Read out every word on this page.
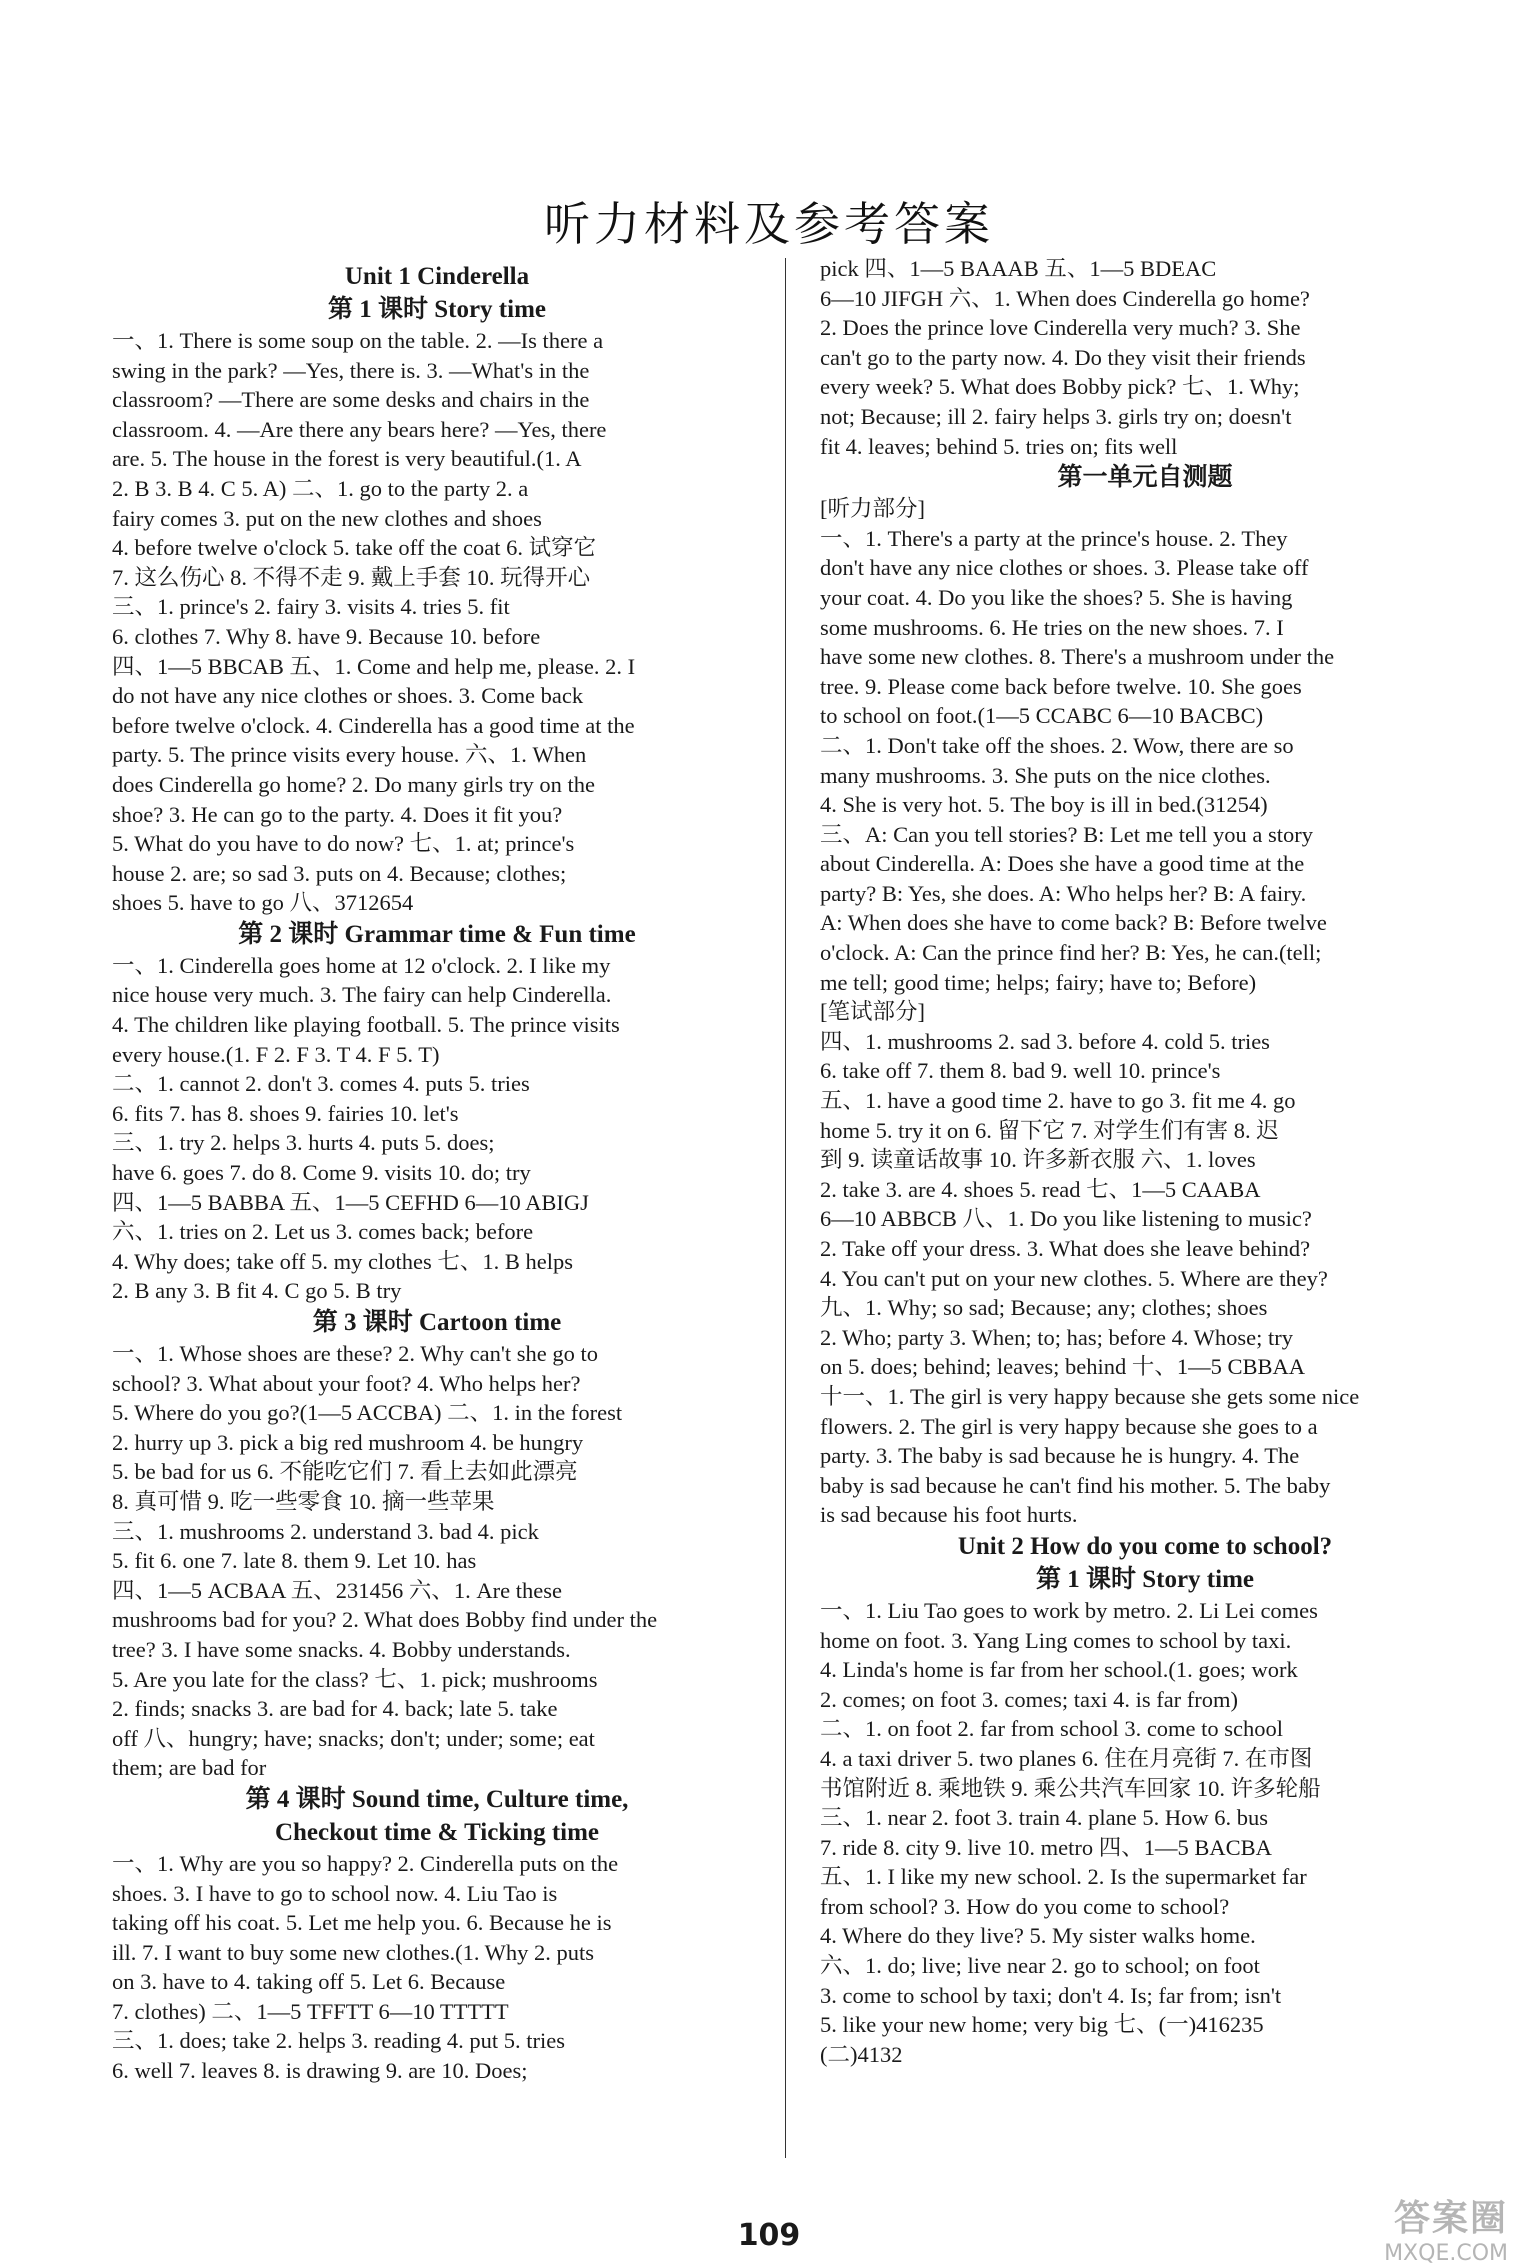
听力材料及参考答案
Unit 1 Cinderella
第 1 课时 Story time
一、1. There is some soup on the table. 2. —Is there a
swing in the park? —Yes, there is. 3. —What's in the
classroom? —There are some desks and chairs in the
classroom. 4. —Are there any bears here? —Yes, there
are. 5. The house in the forest is very beautiful.(1. A
2. B 3. B 4. C 5. A) 二、1. go to the party 2. a
fairy comes 3. put on the new clothes and shoes
4. before twelve o'clock 5. take off the coat 6. 试穿它
7. 这么伤心 8. 不得不走 9. 戴上手套 10. 玩得开心
三、1. prince's 2. fairy 3. visits 4. tries 5. fit
6. clothes 7. Why 8. have 9. Because 10. before
四、1—5 BBCAB 五、1. Come and help me, please. 2. I
do not have any nice clothes or shoes. 3. Come back
before twelve o'clock. 4. Cinderella has a good time at the
party. 5. The prince visits every house. 六、1. When
does Cinderella go home? 2. Do many girls try on the
shoe? 3. He can go to the party. 4. Does it fit you?
5. What do you have to do now? 七、1. at; prince's
house 2. are; so sad 3. puts on 4. Because; clothes;
shoes 5. have to go 八、3712654
第 2 课时 Grammar time & Fun time
一、1. Cinderella goes home at 12 o'clock. 2. I like my
nice house very much. 3. The fairy can help Cinderella.
4. The children like playing football. 5. The prince visits
every house.(1. F 2. F 3. T 4. F 5. T)
二、1. cannot 2. don't 3. comes 4. puts 5. tries
6. fits 7. has 8. shoes 9. fairies 10. let's
三、1. try 2. helps 3. hurts 4. puts 5. does;
have 6. goes 7. do 8. Come 9. visits 10. do; try
四、1—5 BABBA 五、1—5 CEFHD 6—10 ABIGJ
六、1. tries on 2. Let us 3. comes back; before
4. Why does; take off 5. my clothes 七、1. B helps
2. B any 3. B fit 4. C go 5. B try
第 3 课时 Cartoon time
一、1. Whose shoes are these? 2. Why can't she go to
school? 3. What about your foot? 4. Who helps her?
5. Where do you go?(1—5 ACCBA) 二、1. in the forest
2. hurry up 3. pick a big red mushroom 4. be hungry
5. be bad for us 6. 不能吃它们 7. 看上去如此漂亮
8. 真可惜 9. 吃一些零食 10. 摘一些苹果
三、1. mushrooms 2. understand 3. bad 4. pick
5. fit 6. one 7. late 8. them 9. Let 10. has
四、1—5 ACBAA 五、231456 六、1. Are these
mushrooms bad for you? 2. What does Bobby find under the
tree? 3. I have some snacks. 4. Bobby understands.
5. Are you late for the class? 七、1. pick; mushrooms
2. finds; snacks 3. are bad for 4. back; late 5. take
off 八、hungry; have; snacks; don't; under; some; eat
them; are bad for
第 4 课时 Sound time, Culture time,
Checkout time & Ticking time
一、1. Why are you so happy? 2. Cinderella puts on the
shoes. 3. I have to go to school now. 4. Liu Tao is
taking off his coat. 5. Let me help you. 6. Because he is
ill. 7. I want to buy some new clothes.(1. Why 2. puts
on 3. have to 4. taking off 5. Let 6. Because
7. clothes) 二、1—5 TFFTT 6—10 TTTTT
三、1. does; take 2. helps 3. reading 4. put 5. tries
6. well 7. leaves 8. is drawing 9. are 10. Does;
pick 四、1—5 BAAAB 五、1—5 BDEAC
6—10 JIFGH 六、1. When does Cinderella go home?
2. Does the prince love Cinderella very much? 3. She
can't go to the party now. 4. Do they visit their friends
every week? 5. What does Bobby pick? 七、1. Why;
not; Because; ill 2. fairy helps 3. girls try on; doesn't
fit 4. leaves; behind 5. tries on; fits well
第一单元自测题
[听力部分]
一、1. There's a party at the prince's house. 2. They
don't have any nice clothes or shoes. 3. Please take off
your coat. 4. Do you like the shoes? 5. She is having
some mushrooms. 6. He tries on the new shoes. 7. I
have some new clothes. 8. There's a mushroom under the
tree. 9. Please come back before twelve. 10. She goes
to school on foot.(1—5 CCABC 6—10 BACBC)
二、1. Don't take off the shoes. 2. Wow, there are so
many mushrooms. 3. She puts on the nice clothes.
4. She is very hot. 5. The boy is ill in bed.(31254)
三、A: Can you tell stories? B: Let me tell you a story
about Cinderella. A: Does she have a good time at the
party? B: Yes, she does. A: Who helps her? B: A fairy.
A: When does she have to come back? B: Before twelve
o'clock. A: Can the prince find her? B: Yes, he can.(tell;
me tell; good time; helps; fairy; have to; Before)
[笔试部分]
四、1. mushrooms 2. sad 3. before 4. cold 5. tries
6. take off 7. them 8. bad 9. well 10. prince's
五、1. have a good time 2. have to go 3. fit me 4. go
home 5. try it on 6. 留下它 7. 对学生们有害 8. 迟
到 9. 读童话故事 10. 许多新衣服 六、1. loves
2. take 3. are 4. shoes 5. read 七、1—5 CAABA
6—10 ABBCB 八、1. Do you like listening to music?
2. Take off your dress. 3. What does she leave behind?
4. You can't put on your new clothes. 5. Where are they?
九、1. Why; so sad; Because; any; clothes; shoes
2. Who; party 3. When; to; has; before 4. Whose; try
on 5. does; behind; leaves; behind 十、1—5 CBBAA
十一、1. The girl is very happy because she gets some nice
flowers. 2. The girl is very happy because she goes to a
party. 3. The baby is sad because he is hungry. 4. The
baby is sad because he can't find his mother. 5. The baby
is sad because his foot hurts.
Unit 2 How do you come to school?
第 1 课时 Story time
一、1. Liu Tao goes to work by metro. 2. Li Lei comes
home on foot. 3. Yang Ling comes to school by taxi.
4. Linda's home is far from her school.(1. goes; work
2. comes; on foot 3. comes; taxi 4. is far from)
二、1. on foot 2. far from school 3. come to school
4. a taxi driver 5. two planes 6. 住在月亮街 7. 在市图
书馆附近 8. 乘地铁 9. 乘公共汽车回家 10. 许多轮船
三、1. near 2. foot 3. train 4. plane 5. How 6. bus
7. ride 8. city 9. live 10. metro 四、1—5 BACBA
五、1. I like my new school. 2. Is the supermarket far
from school? 3. How do you come to school?
4. Where do they live? 5. My sister walks home.
六、1. do; live; live near 2. go to school; on foot
3. come to school by taxi; don't 4. Is; far from; isn't
5. like your new home; very big 七、(一)416235
(二)4132
109	答案圈
MXQE.COM
